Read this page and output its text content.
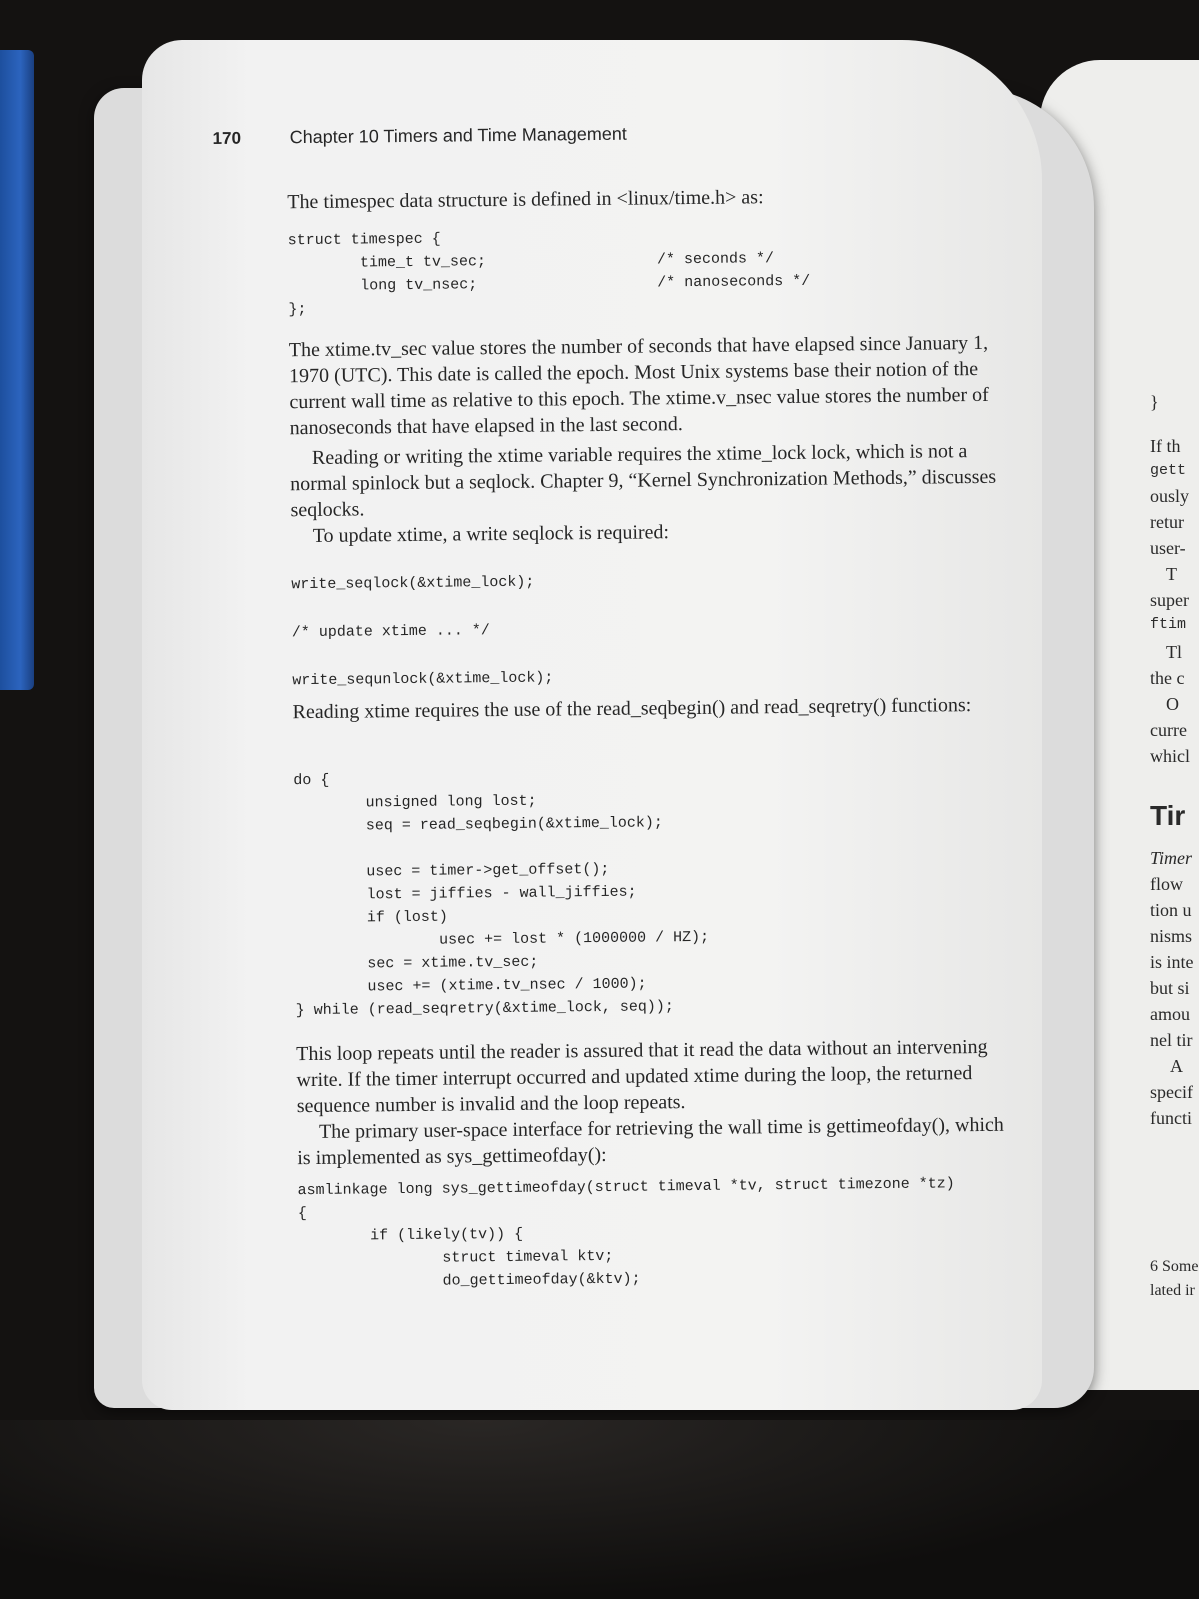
170	Chapter 10 Timers and Time Management

The timespec data structure is defined in <linux/time.h> as:

struct timespec {
time_t tv_sec;                   /* seconds */
long tv_nsec;                    /* nanoseconds */
};

The xtime.tv_sec value stores the number of seconds that have elapsed since January 1, 1970 (UTC). This date is called the epoch. Most Unix systems base their notion of the current wall time as relative to this epoch. The xtime.v_nsec value stores the number of nanoseconds that have elapsed in the last second.

Reading or writing the xtime variable requires the xtime_lock lock, which is not a normal spinlock but a seqlock. Chapter 9, “Kernel Synchronization Methods,” discusses seqlocks.

To update xtime, a write seqlock is required:

write_seqlock(&xtime_lock);

/* update xtime ... */

write_sequnlock(&xtime_lock);

Reading xtime requires the use of the read_seqbegin() and read_seqretry() functions:

do {
unsigned long lost;
seq = read_seqbegin(&xtime_lock);

usec = timer->get_offset();
lost = jiffies - wall_jiffies;
if (lost)
usec += lost * (1000000 / HZ);
sec = xtime.tv_sec;
usec += (xtime.tv_nsec / 1000);
} while (read_seqretry(&xtime_lock, seq));

This loop repeats until the reader is assured that it read the data without an intervening write. If the timer interrupt occurred and updated xtime during the loop, the returned sequence number is invalid and the loop repeats.

The primary user-space interface for retrieving the wall time is gettimeofday(), which is implemented as sys_gettimeofday():

asmlinkage long sys_gettimeofday(struct timeval *tv, struct timezone *tz)
{
if (likely(tv)) {
struct timeval ktv;
do_gettimeofday(&ktv);
}
If th
gett
ously
retur
user-
T
super
ftim
Tl
the c
O
curre
whicl
Tir
Timer
flow
tion u
nisms
is inte
but si
amou
nel tir
A
specif
functi
6 Some
lated ir
